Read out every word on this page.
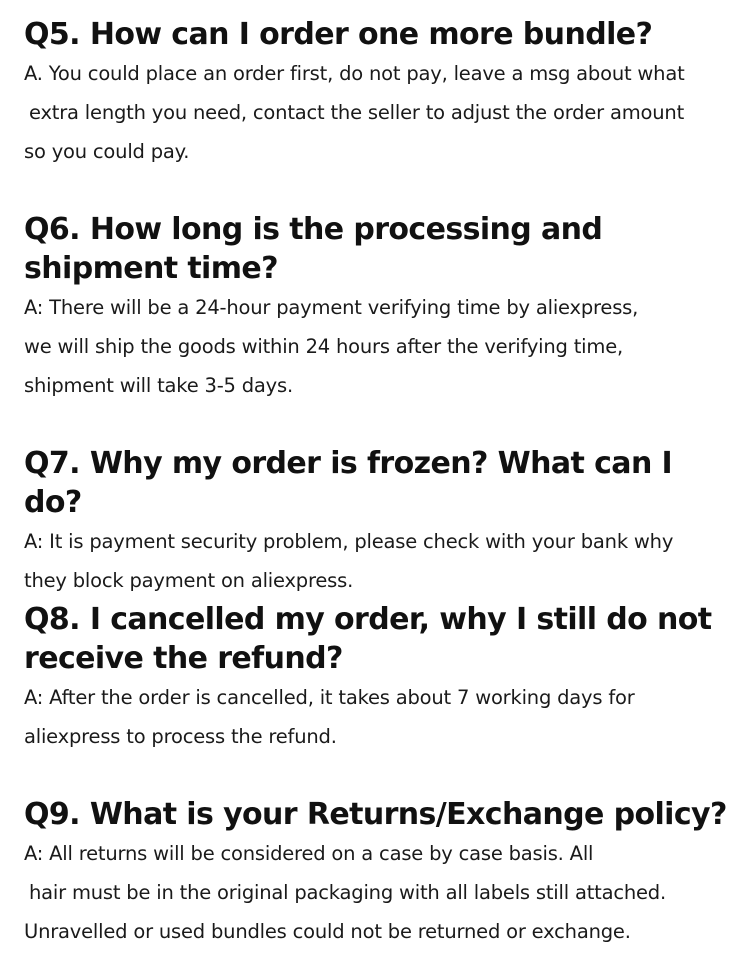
Q5. How can I order one more bundle?
A. You could place an order first, do not pay, leave a msg about what
extra length you need, contact the seller to adjust the order amount
so you could pay.
Q6. How long is the processing and
shipment time?
A: There will be a 24-hour payment verifying time by aliexpress,
we will ship the goods within 24 hours after the verifying time,
shipment will take 3-5 days.
Q7. Why my order is frozen? What can I do?
A: It is payment security problem, please check with your bank why
they block payment on aliexpress.
Q8. I cancelled my order, why I still do not
receive the refund?
A: After the order is cancelled, it takes about 7 working days for
aliexpress to process the refund.
Q9. What is your Returns/Exchange policy?
A: All returns will be considered on a case by case basis. All
hair must be in the original packaging with all labels still attached.
Unravelled or used bundles could not be returned or exchange.
